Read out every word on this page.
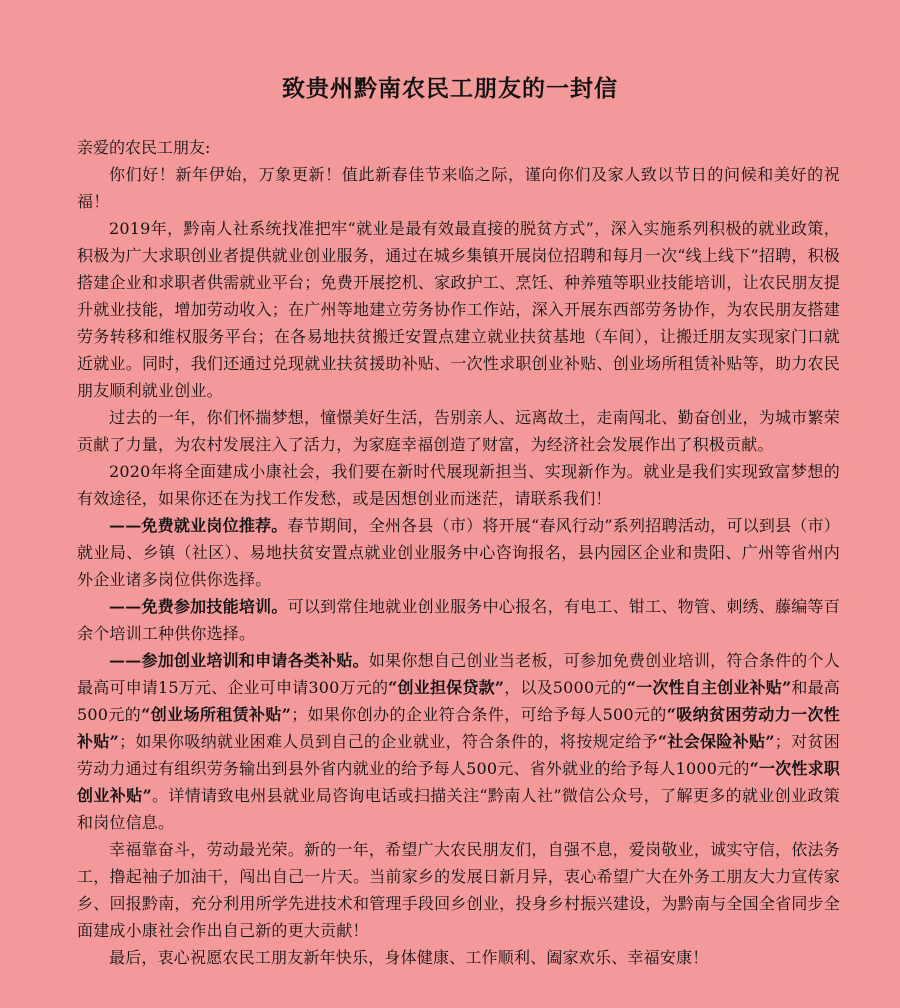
致贵州黔南农民工朋友的一封信
亲爱的农民工朋友:

你们好！新年伊始，万象更新！值此新春佳节来临之际，谨向你们及家人致以节日的问候和美好的祝福！

2019年，黔南人社系统找准把牢“就业是最有效最直接的脱贫方式”，深入实施系列积极的就业政策，积极为广大求职创业者提供就业创业服务，通过在城乡集镇开展岗位招聘和每月一次“线上线下”招聘，积极搭建企业和求职者供需就业平台；免费开展挖机、家政护工、烹饪、种养殖等职业技能培训，让农民朋友提升就业技能，增加劳动收入；在广州等地建立劳务协作工作站，深入开展东西部劳务协作，为农民朋友搭建劳务转移和维权服务平台；在各易地扶贫搬迁安置点建立就业扶贫基地（车间），让搬迁朋友实现家门口就近就业。同时，我们还通过兑现就业扶贫援助补贴、一次性求职创业补贴、创业场所租赁补贴等，助力农民朋友顺利就业创业。

过去的一年，你们怀揣梦想，憧憬美好生活，告别亲人、远离故土，走南闯北、勤奋创业，为城市繁荣贡献了力量，为农村发展注入了活力，为家庭幸福创造了财富，为经济社会发展作出了积极贡献。

2020年将全面建成小康社会，我们要在新时代展现新担当、实现新作为。就业是我们实现致富梦想的有效途径，如果你还在为找工作发愁，或是因想创业而迷茫，请联系我们！

——免费就业岗位推荐。春节期间，全州各县（市）将开展“春风行动”系列招聘活动，可以到县（市）就业局、乡镇（社区）、易地扶贫安置点就业创业服务中心咨询报名，县内园区企业和贵阳、广州等省州内外企业诸多岗位供你选择。

——免费参加技能培训。可以到常住地就业创业服务中心报名，有电工、钳工、物管、刺绣、藤编等百余个培训工种供你选择。

——参加创业培训和申请各类补贴。如果你想自己创业当老板，可参加免费创业培训，符合条件的个人最高可申请15万元、企业可申请300万元的“创业担保贷款”，以及5000元的“一次性自主创业补贴”和最高500元的“创业场所租赁补贴”；如果你创办的企业符合条件，可给予每人500元的“吸纳贫困劳动力一次性补贴”；如果你吸纳就业困难人员到自己的企业就业，符合条件的，将按规定给予“社会保险补贴”；对贫困劳动力通过有组织劳务输出到县外省内就业的给予每人500元、省外就业的给予每人1000元的“一次性求职创业补贴”。详情请致电州县就业局咨询电话或扫描关注“黔南人社”微信公众号，了解更多的就业创业政策和岗位信息。

幸福靠奋斗，劳动最光荣。新的一年，希望广大农民朋友们，自强不息，爱岗敬业，诚实守信，依法务工，撸起袖子加油干，闯出自己一片天。当前家乡的发展日新月异，衷心希望广大在外务工朋友大力宣传家乡、回报黔南，充分利用所学先进技术和管理手段回乡创业，投身乡村振兴建设，为黔南与全国全省同步全面建成小康社会作出自己新的更大贡献！

最后，衷心祝愿农民工朋友新年快乐，身体健康、工作顺利、阖家欢乐、幸福安康！
